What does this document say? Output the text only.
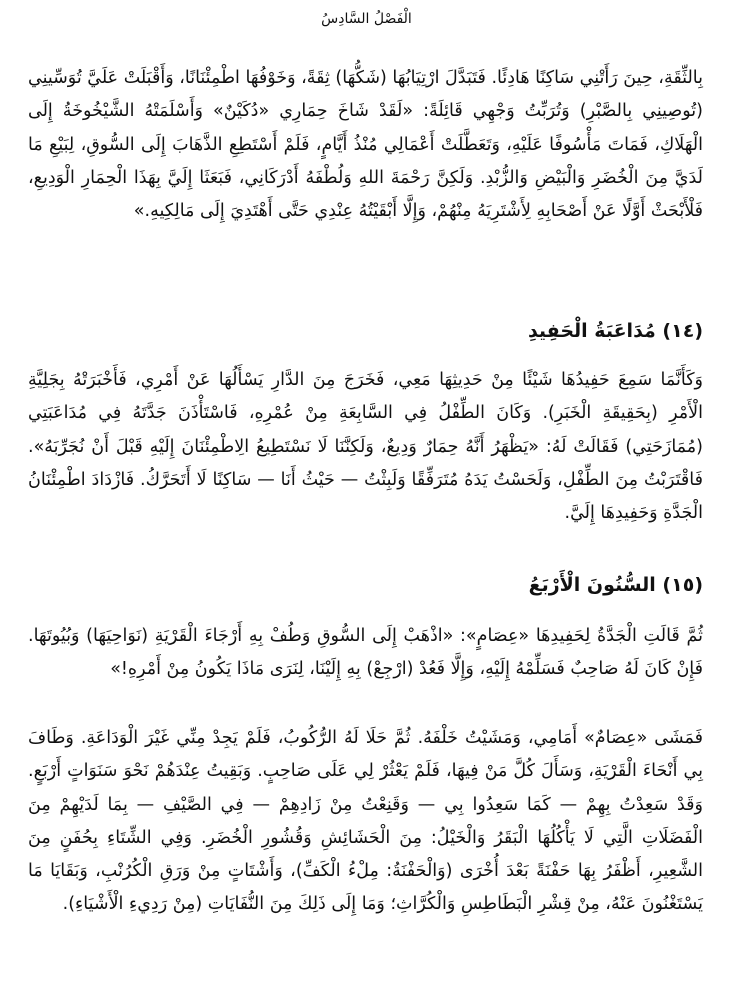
الْفَصْلُ السَّادِسُ

بِالثِّقَةِ، حِينَ رَأَتْنِي سَاكِنًا هَادِئًا. فَتَبَدَّلَ ارْتِيَابُهَا (شَكُّهَا) ثِقَةً، وَخَوْفُهَا اطْمِئْنَانًا، وَأَقْبَلَتْ عَلَيَّ تُوَسِّينِي (تُوصِينِي بِالصَّبْرِ) وَتُرَبِّتُ وَجْهِي قَائِلَةً: «لَقَدْ شَاخَ حِمَارِي «دُكَيْنٌ» وَأَسْلَمَتْهُ الشَّيْخُوخَةُ إِلَى الْهَلَاكِ، فَمَاتَ مَأْسُوفًا عَلَيْهِ، وَتَعَطَّلَتْ أَعْمَالِي مُنْذُ أَيَّامٍ، فَلَمْ أَسْتَطِعِ الذَّهَابَ إِلَى السُّوقِ، لِبَيْعِ مَا لَدَيَّ مِنَ الْخُضَرِ وَالْبَيْضِ وَالزُّبْدِ. وَلَكِنَّ رَحْمَةَ اللهِ وَلُطْفَهُ أَدْرَكَانِي، فَبَعَثَا إِلَيَّ بِهَذَا الْحِمَارِ الْوَدِيعِ، فَلْأَبْحَثْ أَوَّلًا عَنْ أَصْحَابِهِ لِأَشْتَرِيَهُ مِنْهُمْ، وَإِلَّا أَبْقَيْتُهُ عِنْدِي حَتَّى أَهْتَدِيَ إِلَى مَالِكِيهِ.»

(١٤) مُدَاعَبَةُ الْحَفِيدِ

وَكَأَنَّمَا سَمِعَ حَفِيدُهَا شَيْئًا مِنْ حَدِيثِهَا مَعِي، فَخَرَجَ مِنَ الدَّارِ يَسْأَلُهَا عَنْ أَمْرِي، فَأَخْبَرَتْهُ بِجَلِيَّةِ الْأَمْرِ (بِحَقِيقَةِ الْخَبَرِ). وَكَانَ الطِّفْلُ فِي السَّابِعَةِ مِنْ عُمْرِهِ، فَاسْتَأْذَنَ جَدَّتَهُ فِي مُدَاعَبَتِي (مُمَازَحَتِي) فَقَالَتْ لَهُ: «يَظْهَرُ أَنَّهُ حِمَارٌ وَدِيعٌ، وَلَكِنَّنَا لَا نَسْتَطِيعُ الِاطْمِئْنَانَ إِلَيْهِ قَبْلَ أَنْ نُجَرِّبَهُ». فَاقْتَرَبْتُ مِنَ الطِّفْلِ، وَلَحَسْتُ يَدَهُ مُتَرَفِّقًا وَلَبِثْتُ — حَيْثُ أَنَا — سَاكِنًا لَا أَتَحَرَّكُ. فَازْدَادَ اطْمِئْنَانُ الْجَدَّةِ وَحَفِيدِهَا إِلَيَّ.

(١٥) السُّنُونَ الْأَرْبَعُ

ثُمَّ قَالَتِ الْجَدَّةُ لِحَفِيدِهَا «عِصَامٍ»: «اذْهَبْ إِلَى السُّوقِ وَطُفْ بِهِ أَرْجَاءَ الْقَرْيَةِ (نَوَاحِيَهَا) وَبُيُوتَهَا. فَإِنْ كَانَ لَهُ صَاحِبٌ فَسَلِّمْهُ إِلَيْهِ، وَإِلَّا فَعُدْ (ارْجِعْ) بِهِ إِلَيْنَا، لِنَرَى مَاذَا يَكُونُ مِنْ أَمْرِهِ!»

فَمَشَى «عِصَامٌ» أَمَامِي، وَمَشَيْتُ خَلْفَهُ. ثُمَّ حَلَا لَهُ الرُّكُوبُ، فَلَمْ يَجِدْ مِنِّي غَيْرَ الْوَدَاعَةِ. وَطَافَ بِي أَنْحَاءَ الْقَرْيَةِ، وَسَأَلَ كُلَّ مَنْ فِيهَا، فَلَمْ يَعْثُرْ لِي عَلَى صَاحِبٍ. وَبَقِيتُ عِنْدَهُمْ نَحْوَ سَنَوَاتٍ أَرْبَعٍ. وَقَدْ سَعِدْتُ بِهِمْ — كَمَا سَعِدُوا بِي — وَقَنِعْتُ مِنْ زَادِهِمْ — فِي الصَّيْفِ — بِمَا لَدَيْهِمْ مِنَ الْفَضَلَاتِ الَّتِي لَا يَأْكُلُهَا الْبَقَرُ وَالْخَيْلُ: مِنَ الْحَشَائِشِ وَقُشُورِ الْخُضَرِ. وَفِي الشِّتَاءِ بِحُفَنٍ مِنَ الشَّعِيرِ، أَظْفَرُ بِهَا حَفْنَةً بَعْدَ أُخْرَى (وَالْحَفْنَةُ: مِلْءُ الْكَفِّ)، وَأَشْتَاتٍ مِنْ وَرَقِ الْكُرُنْبِ، وَبَقَايَا مَا يَسْتَغْنُونَ عَنْهُ، مِنْ قِشْرِ الْبَطَاطِسِ وَالْكُرَّاثِ؛ وَمَا إِلَى ذَلِكَ مِنَ النُّفَايَاتِ (مِنْ رَدِيءِ الْأَشْيَاءِ).
